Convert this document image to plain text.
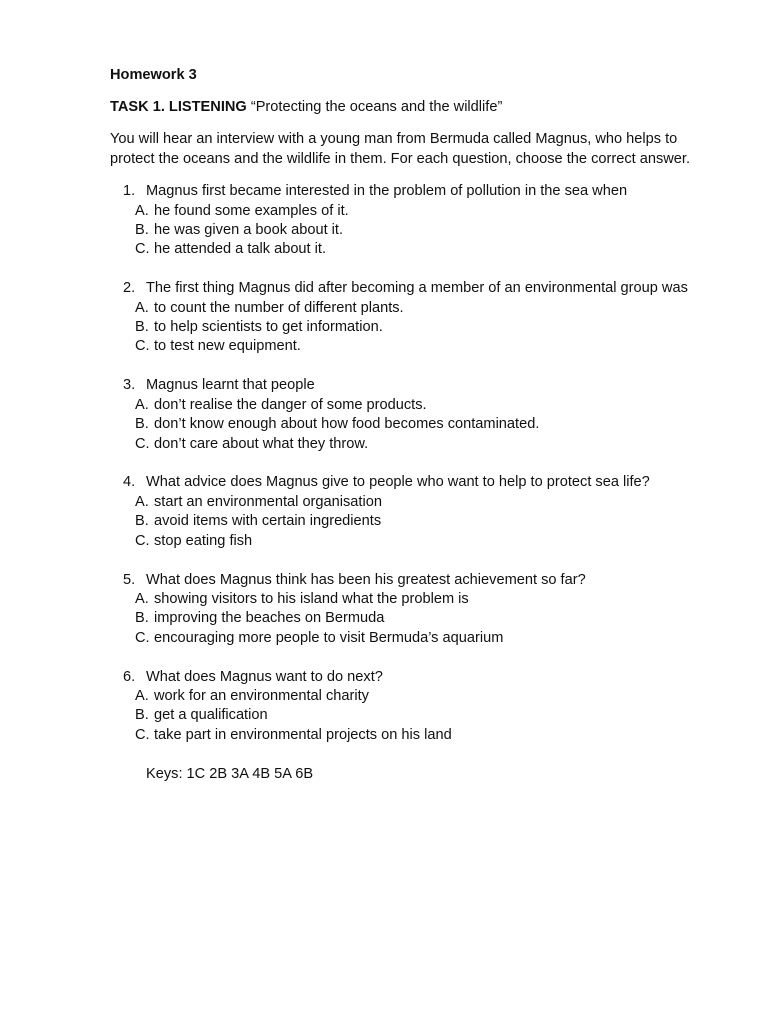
Homework 3
TASK 1. LISTENING “Protecting the oceans and the wildlife”
You will hear an interview with a young man from Bermuda called Magnus, who helps to protect the oceans and the wildlife in them. For each question, choose the correct answer.
1. Magnus first became interested in the problem of pollution in the sea when
A. he found some examples of it.
B. he was given a book about it.
C. he attended a talk about it.
2. The first thing Magnus did after becoming a member of an environmental group was
A. to count the number of different plants.
B. to help scientists to get information.
C. to test new equipment.
3. Magnus learnt that people
A. don’t realise the danger of some products.
B. don’t know enough about how food becomes contaminated.
C. don’t care about what they throw.
4. What advice does Magnus give to people who want to help to protect sea life?
A. start an environmental organisation
B. avoid items with certain ingredients
C. stop eating fish
5. What does Magnus think has been his greatest achievement so far?
A. showing visitors to his island what the problem is
B. improving the beaches on Bermuda
C. encouraging more people to visit Bermuda’s aquarium
6. What does Magnus want to do next?
A. work for an environmental charity
B. get a qualification
C. take part in environmental projects on his land
Keys: 1C 2B 3A 4B 5A 6B
